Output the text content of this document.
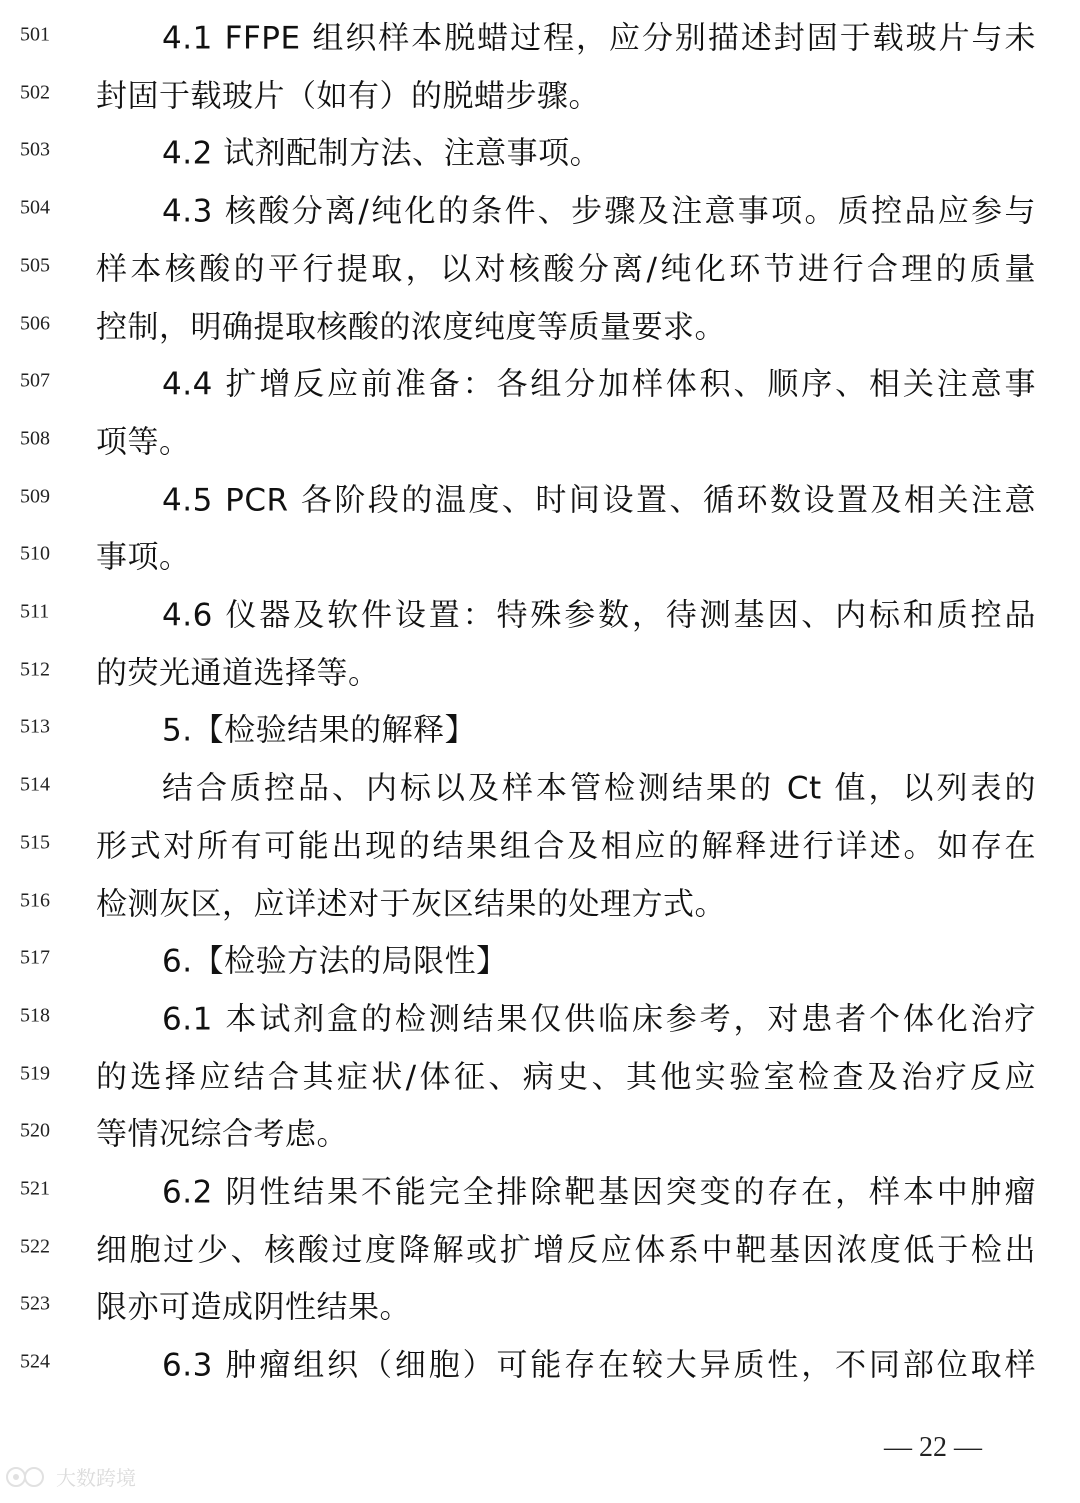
501	4.1 FFPE 组织样本脱蜡过程，应分别描述封固于载玻片与未
502	封固于载玻片（如有）的脱蜡步骤。
503	4.2 试剂配制方法、注意事项。
504	4.3 核酸分离/纯化的条件、步骤及注意事项。质控品应参与
505	样本核酸的平行提取，以对核酸分离/纯化环节进行合理的质量
506	控制，明确提取核酸的浓度纯度等质量要求。
507	4.4 扩增反应前准备：各组分加样体积、顺序、相关注意事
508	项等。
509	4.5 PCR 各阶段的温度、时间设置、循环数设置及相关注意
510	事项。
511	4.6 仪器及软件设置：特殊参数，待测基因、内标和质控品
512	的荧光通道选择等。
513	5.【检验结果的解释】
514	结合质控品、内标以及样本管检测结果的 Ct 值，以列表的
515	形式对所有可能出现的结果组合及相应的解释进行详述。如存在
516	检测灰区，应详述对于灰区结果的处理方式。
517	6.【检验方法的局限性】
518	6.1 本试剂盒的检测结果仅供临床参考，对患者个体化治疗
519	的选择应结合其症状/体征、病史、其他实验室检查及治疗反应
520	等情况综合考虑。
521	6.2 阴性结果不能完全排除靶基因突变的存在，样本中肿瘤
522	细胞过少、核酸过度降解或扩增反应体系中靶基因浓度低于检出
523	限亦可造成阴性结果。
524	6.3 肿瘤组织（细胞）可能存在较大异质性，不同部位取样
— 22 —
大数跨境
